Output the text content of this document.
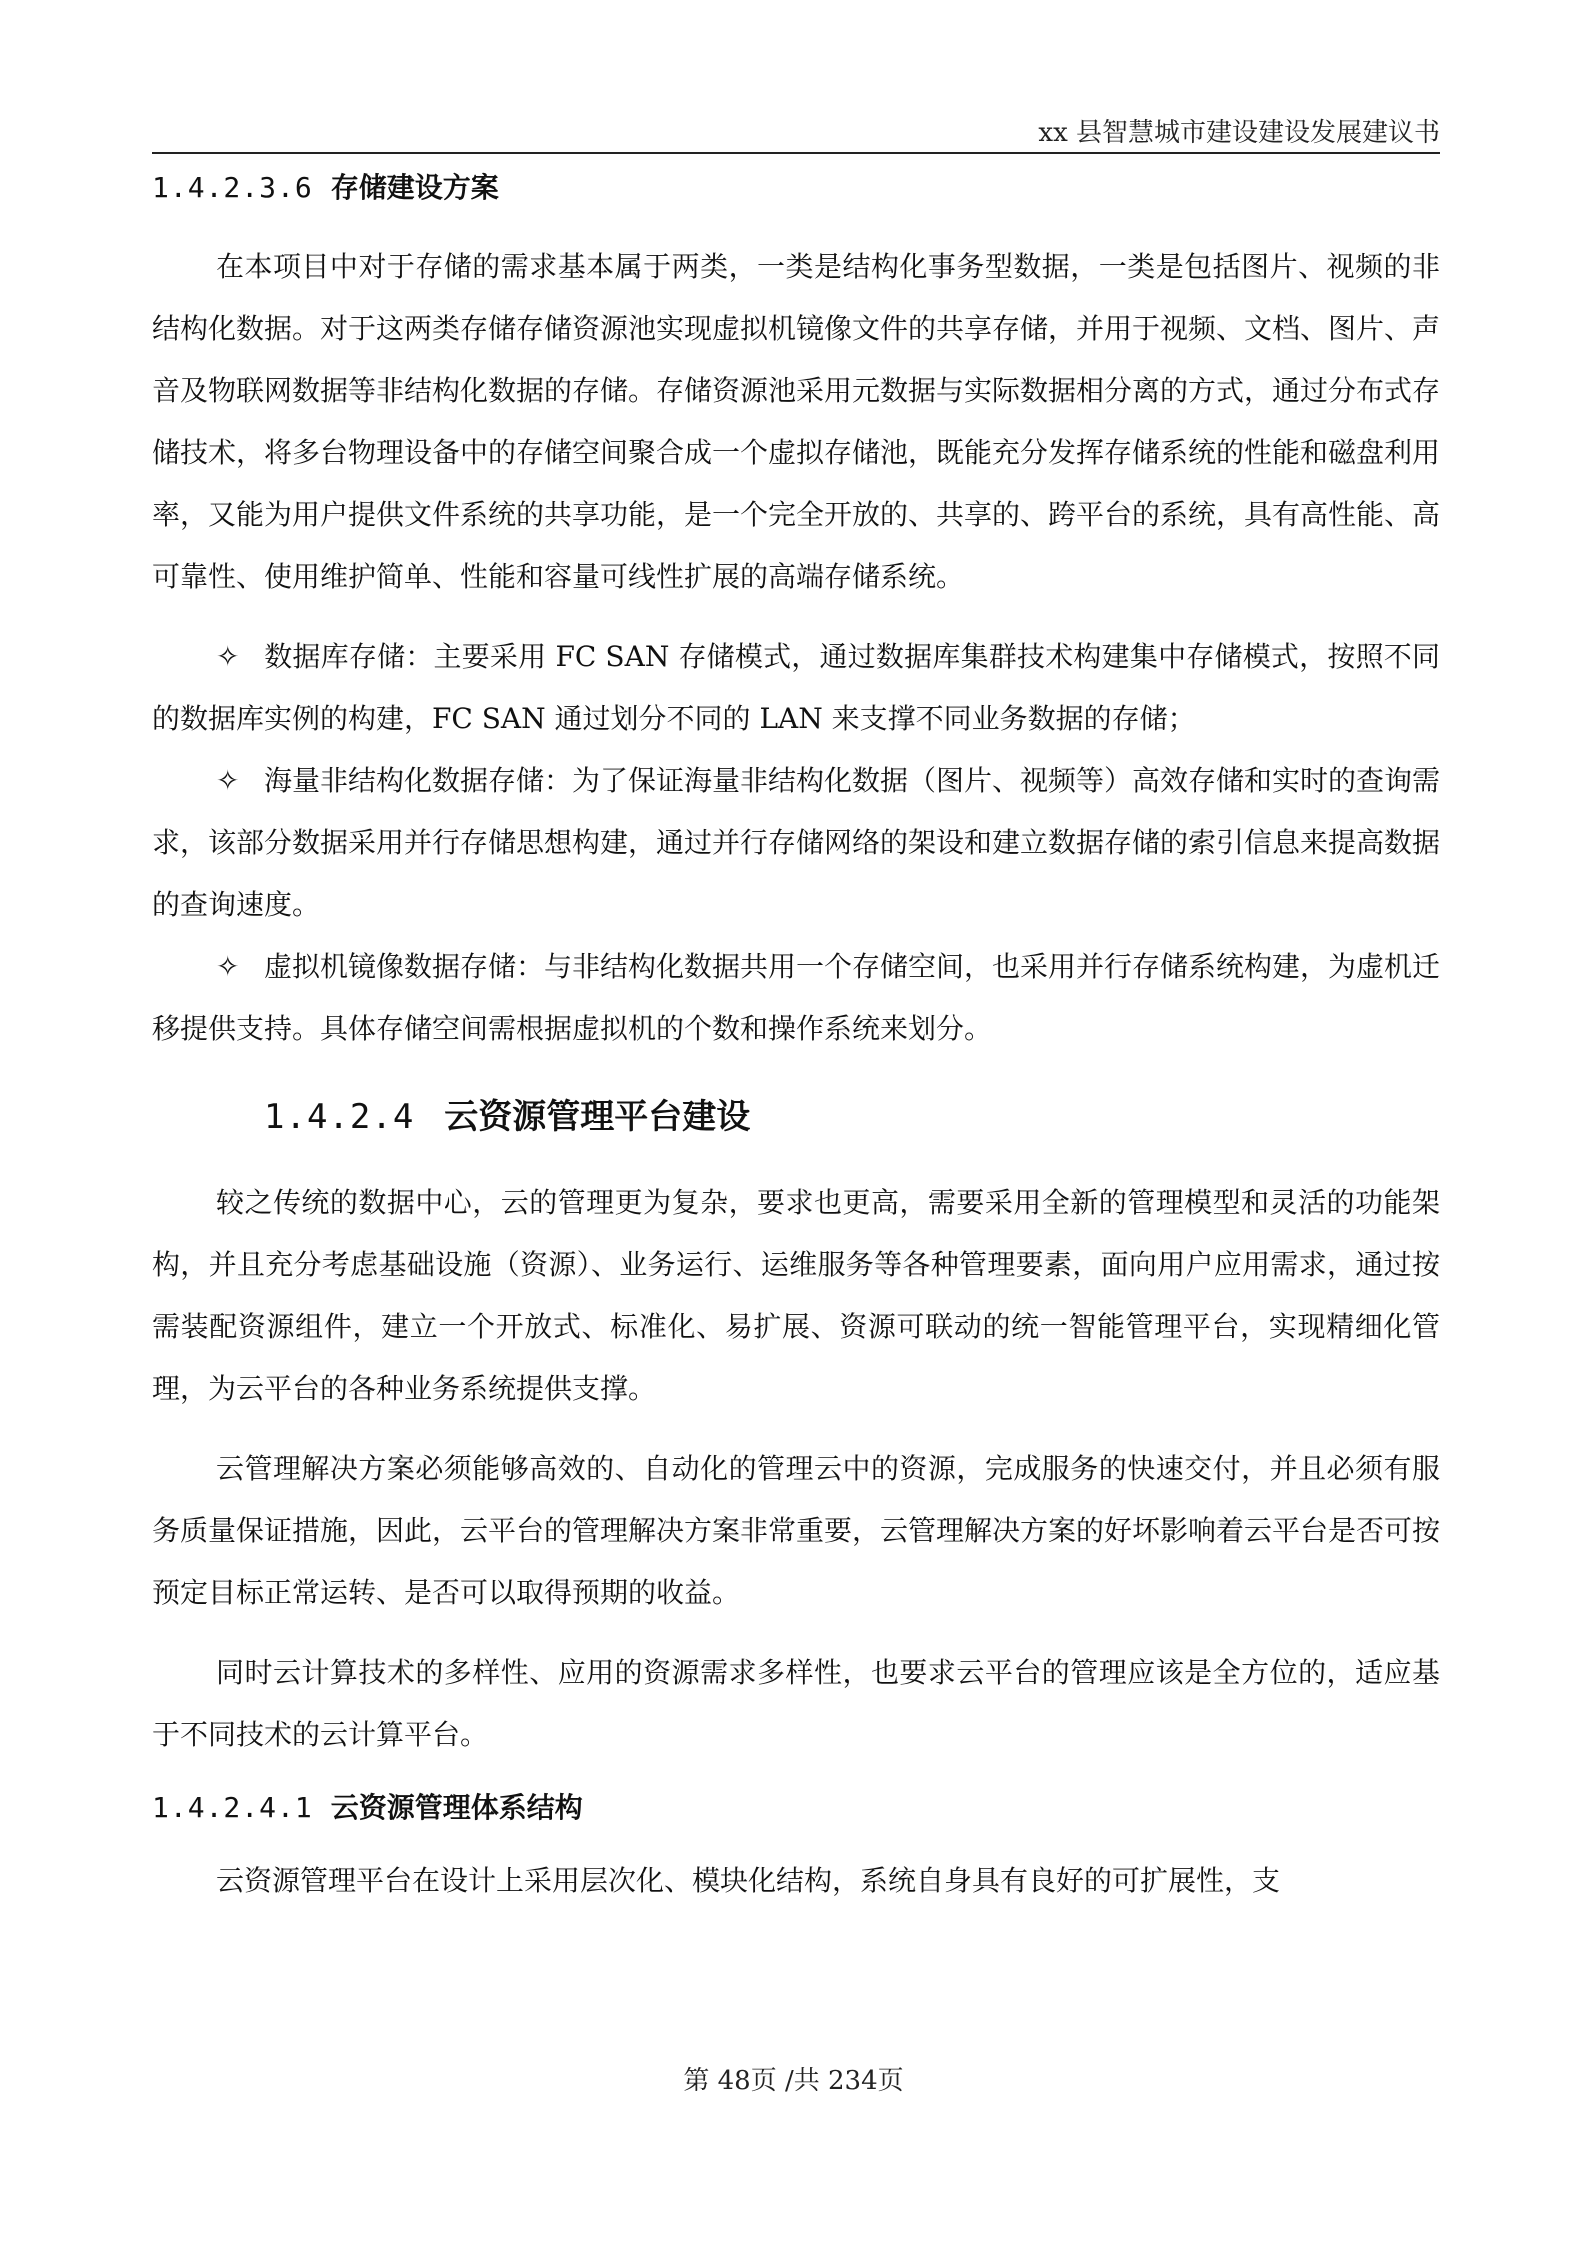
xx 县智慧城市建设建设发展建议书
1.4.2.3.6 存储建设方案

在本项目中对于存储的需求基本属于两类，一类是结构化事务型数据，一类是包括图片、视频的非结构化数据。对于这两类存储存储资源池实现虚拟机镜像文件的共享存储，并用于视频、文档、图片、声音及物联网数据等非结构化数据的存储。存储资源池采用元数据与实际数据相分离的方式，通过分布式存储技术，将多台物理设备中的存储空间聚合成一个虚拟存储池，既能充分发挥存储系统的性能和磁盘利用率，又能为用户提供文件系统的共享功能，是一个完全开放的、共享的、跨平台的系统，具有高性能、高可靠性、使用维护简单、性能和容量可线性扩展的高端存储系统。

✧ 数据库存储：主要采用 FC SAN 存储模式，通过数据库集群技术构建集中存储模式，按照不同的数据库实例的构建，FC SAN 通过划分不同的 LAN 来支撑不同业务数据的存储；

✧ 海量非结构化数据存储：为了保证海量非结构化数据（图片、视频等）高效存储和实时的查询需求，该部分数据采用并行存储思想构建，通过并行存储网络的架设和建立数据存储的索引信息来提高数据的查询速度。

✧ 虚拟机镜像数据存储：与非结构化数据共用一个存储空间，也采用并行存储系统构建，为虚机迁移提供支持。具体存储空间需根据虚拟机的个数和操作系统来划分。

1.4.2.4 云资源管理平台建设

较之传统的数据中心，云的管理更为复杂，要求也更高，需要采用全新的管理模型和灵活的功能架构，并且充分考虑基础设施（资源）、业务运行、运维服务等各种管理要素，面向用户应用需求，通过按需装配资源组件，建立一个开放式、标准化、易扩展、资源可联动的统一智能管理平台，实现精细化管理，为云平台的各种业务系统提供支撑。

云管理解决方案必须能够高效的、自动化的管理云中的资源，完成服务的快速交付，并且必须有服务质量保证措施，因此，云平台的管理解决方案非常重要，云管理解决方案的好坏影响着云平台是否可按预定目标正常运转、是否可以取得预期的收益。

同时云计算技术的多样性、应用的资源需求多样性，也要求云平台的管理应该是全方位的，适应基于不同技术的云计算平台。

1.4.2.4.1 云资源管理体系结构

云资源管理平台在设计上采用层次化、模块化结构，系统自身具有良好的可扩展性，支

第 48页 /共 234页
